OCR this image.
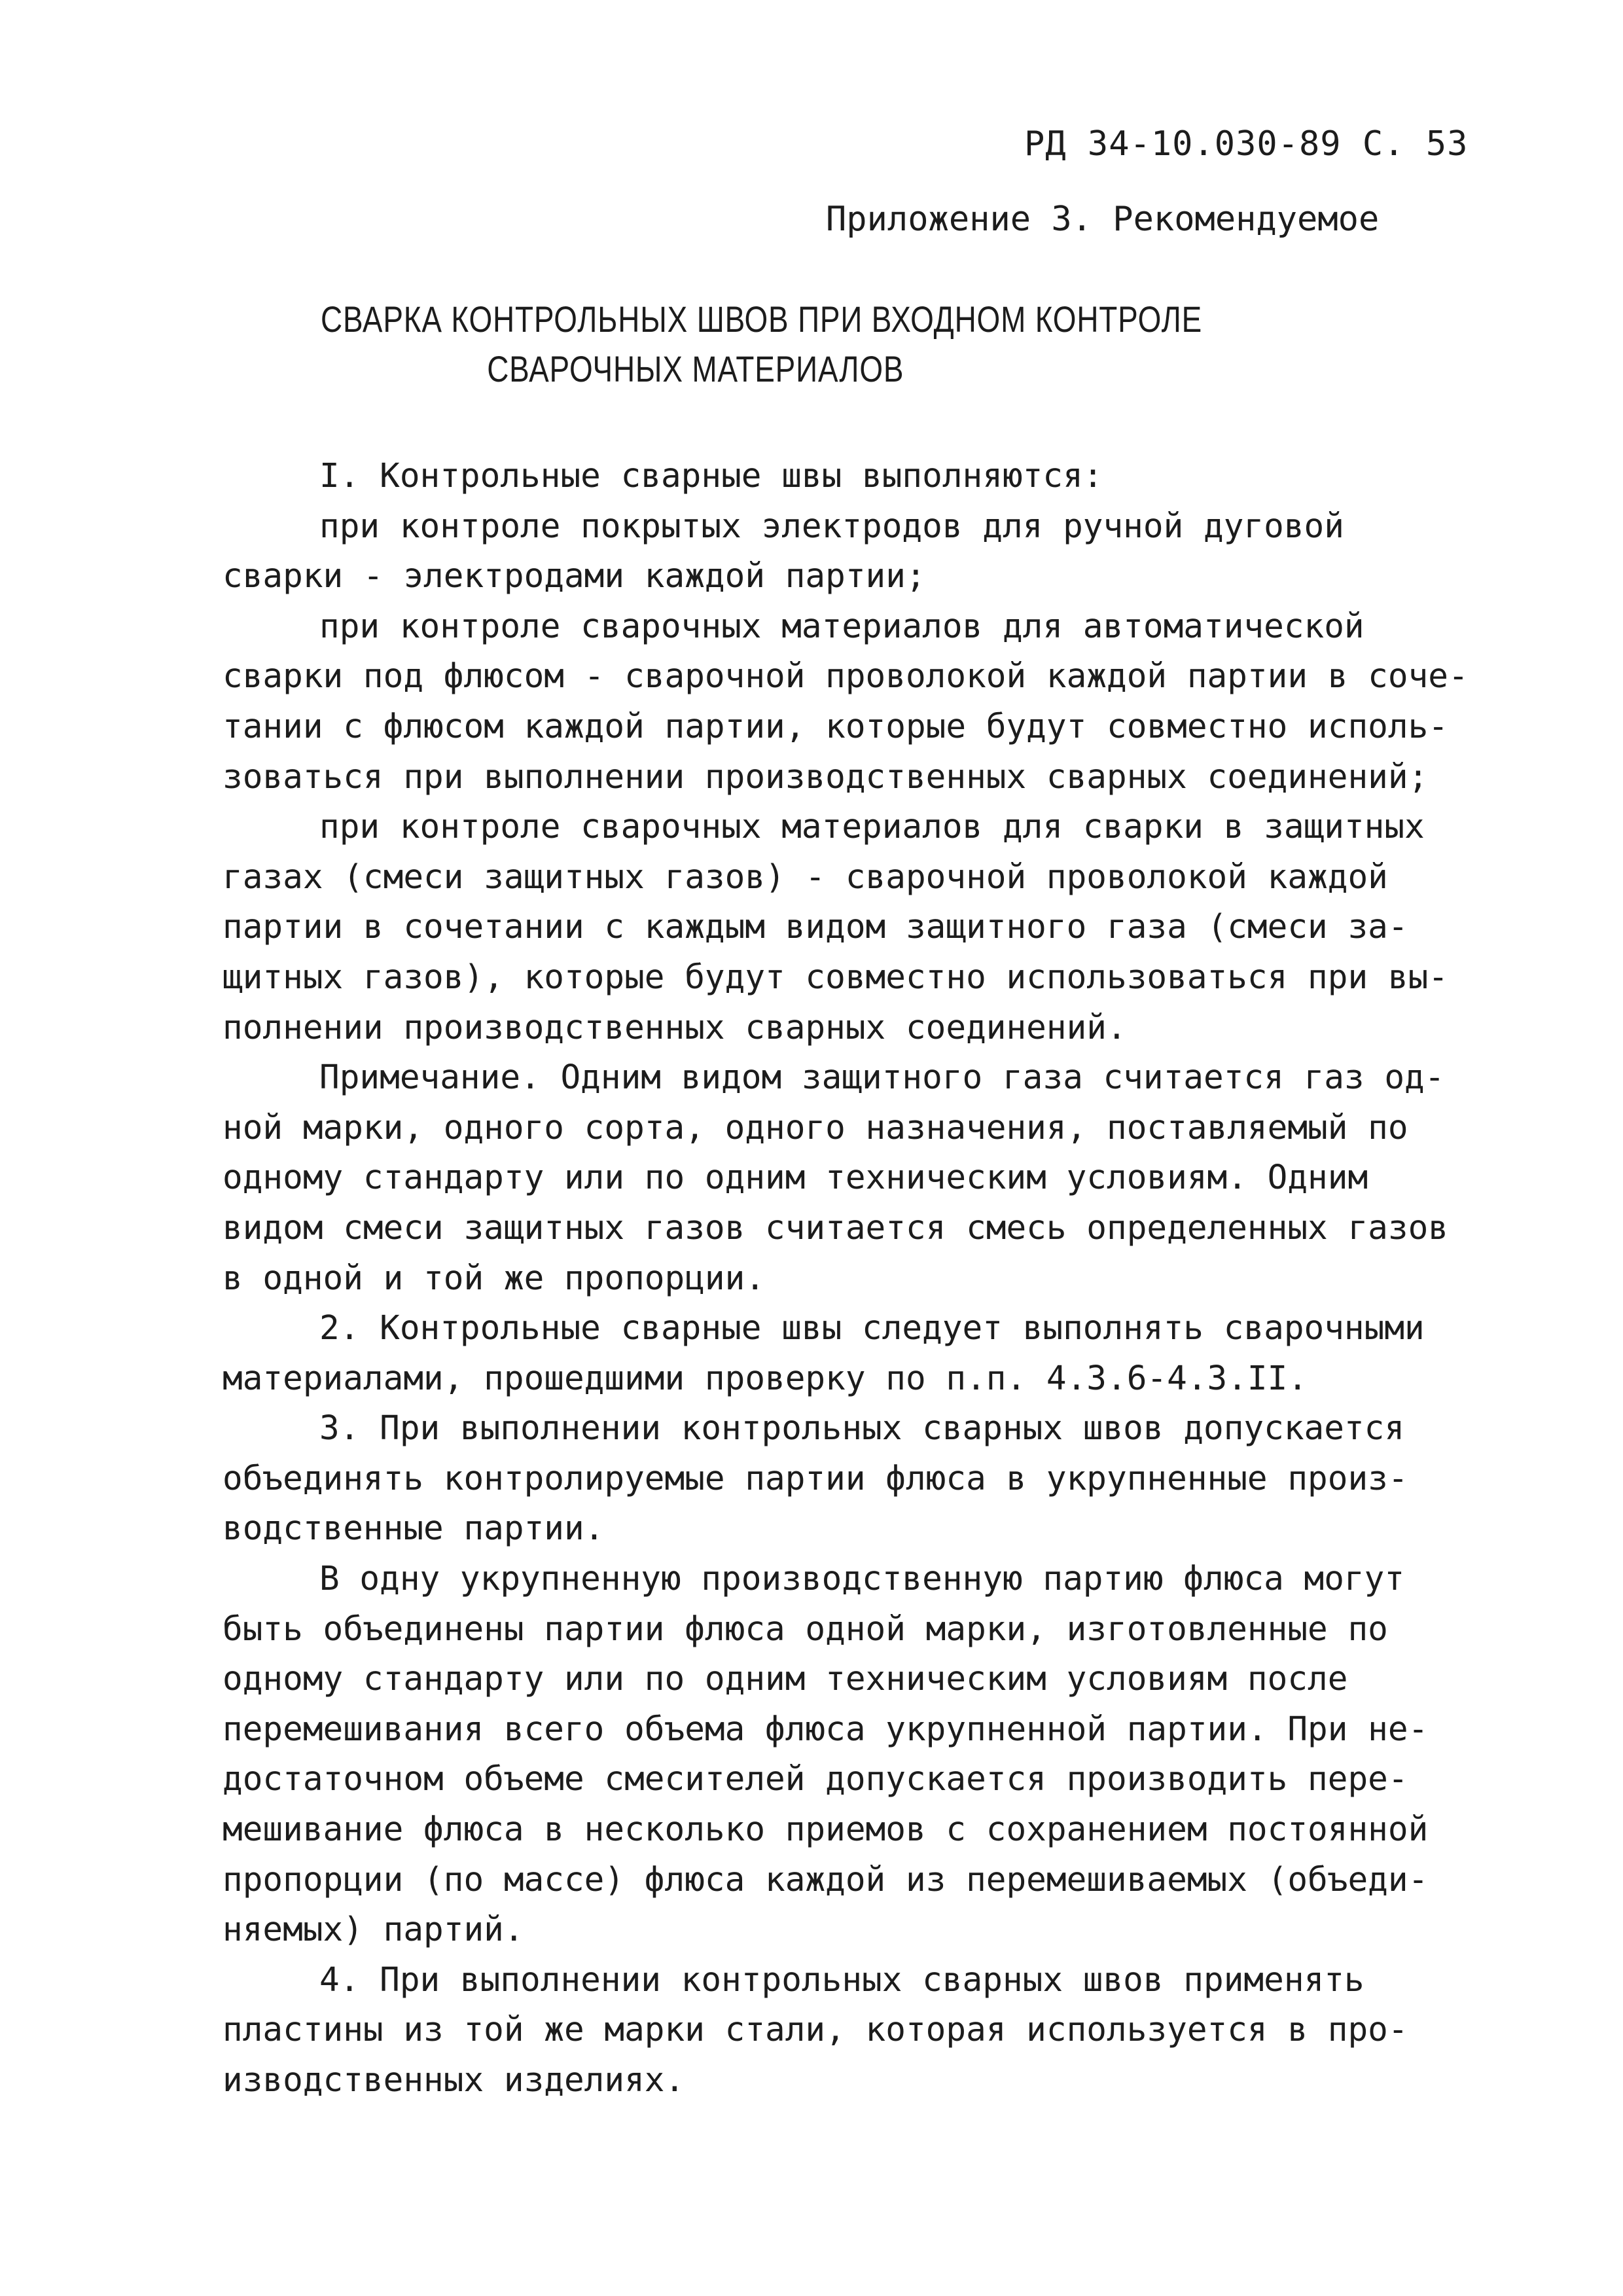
РД 34-10.030-89 С. 53
Приложение 3. Рекомендуемое
СВАРКА КОНТРОЛЬНЫХ ШВОВ ПРИ ВХОДНОМ КОНТРОЛЕ
СВАРОЧНЫХ МАТЕРИАЛОВ
I. Контрольные сварные швы выполняются:
при контроле покрытых электродов для ручной дуговой
сварки - электродами каждой партии;
при контроле сварочных материалов для автоматической
сварки под флюсом - сварочной проволокой каждой партии в соче-
тании с флюсом каждой партии, которые будут совместно исполь-
зоваться при выполнении производственных сварных соединений;
при контроле сварочных материалов для сварки в защитных
газах (смеси защитных газов) - сварочной проволокой каждой
партии в сочетании с каждым видом защитного газа (смеси за-
щитных газов), которые будут совместно использоваться при вы-
полнении производственных сварных соединений.
Примечание. Одним видом защитного газа считается газ од-
ной марки, одного сорта, одного назначения, поставляемый по
одному стандарту или по одним техническим условиям. Одним
видом смеси защитных газов считается смесь определенных газов
в одной и той же пропорции.
2. Контрольные сварные швы следует выполнять сварочными
материалами, прошедшими проверку по п.п. 4.3.6-4.3.II.
3. При выполнении контрольных сварных швов допускается
объединять контролируемые партии флюса в укрупненные произ-
водственные партии.
В одну укрупненную производственную партию флюса могут
быть объединены партии флюса одной марки, изготовленные по
одному стандарту или по одним техническим условиям после
перемешивания всего объема флюса укрупненной партии. При не-
достаточном объеме смесителей допускается производить пере-
мешивание флюса в несколько приемов с сохранением постоянной
пропорции (по массе) флюса каждой из перемешиваемых (объеди-
няемых) партий.
4. При выполнении контрольных сварных швов применять
пластины из той же марки стали, которая используется в про-
изводственных изделиях.
